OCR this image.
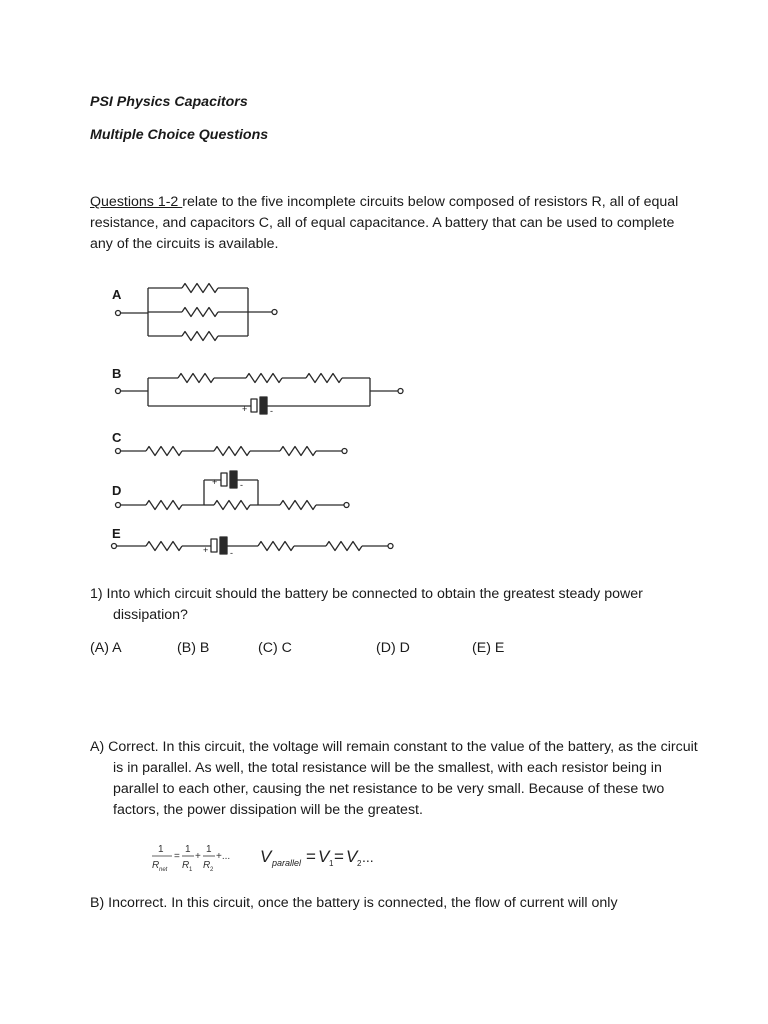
PSI Physics Capacitors

Multiple Choice Questions

Questions 1-2 relate to the five incomplete circuits below composed of resistors R, all of equal resistance, and capacitors C, all of equal capacitance. A battery that can be used to complete any of the circuits is available.

A
B
C
D
E
+	-
+	-
+ -

1) Into which circuit should the battery be connected to obtain the greatest steady power dissipation?

(A) A	(B) B	(C) C	(D) D	(E) E

A) Correct. In this circuit, the voltage will remain constant to the value of the battery, as the circuit is in parallel. As well, the total resistance will be the smallest, with each resistor being in parallel to each other, causing the net resistance to be very small. Because of these two factors, the power dissipation will be the greatest.

1
R net
=
1
R 1
+
1
R 2
+... V parallel = V 1 = V 2 ...

B) Incorrect. In this circuit, once the battery is connected, the flow of current will only
